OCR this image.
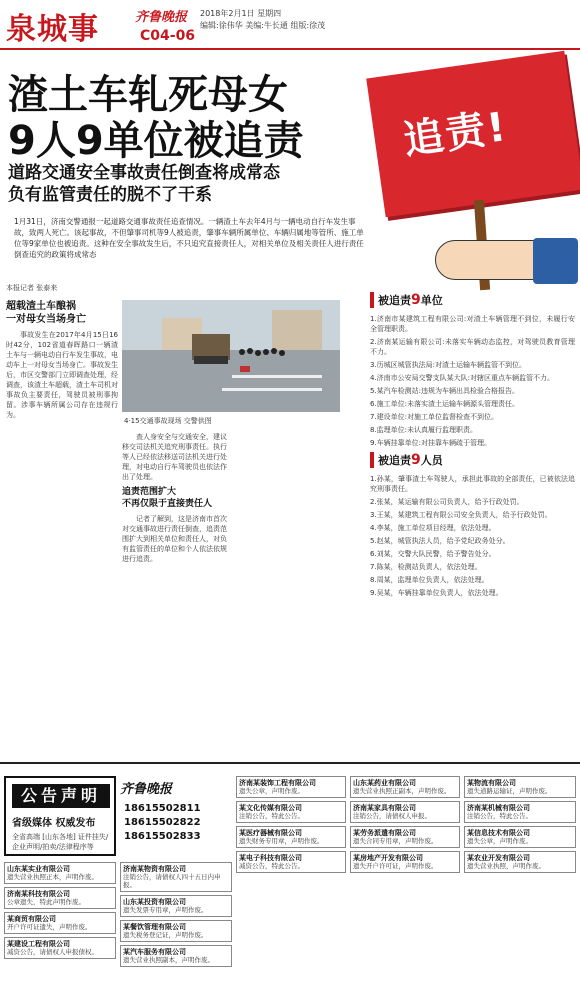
泉城事	齐鲁晚报 2018年2月1日 星期四
编辑:徐伟华 美编:牛长通 组版:徐茂
C04-06
渣土车轧死母女
9人9单位被追责
道路交通安全事故责任倒查将成常态
负有监管责任的脱不了干系
1月31日，济南交警通报一起道路交通事故责任追查情况。一辆渣土车去年4月与一辆电动自行车发生事故，致两人死亡。该起事故，不但肇事司机等9人被追责，肇事车辆所属单位、车辆归属地等管所、施工单位等9家单位也被追责。这种在安全事故发生后，不只追究直接责任人，对相关单位及相关责任人进行责任倒查追究的政策将成常态
追责!
本报记者 张泰来
超载渣土车酿祸
一对母女当场身亡
事故发生在2017年4月15日16时42分，102省道春晖路口一辆渣土车与一辆电动自行车发生事故，电动车上一对母女当场身亡。事故发生后，市区交警部门立即调查处理，经调查，该渣土车超载，渣土车司机对事故负主要责任，驾驶员被刑事拘留。涉事车辆所属公司存在违规行为。
4·15交通事故现场 交警供图
查人身安全与交通安全，建议移交司法机关追究刑事责任。执行等人已经依法移送司法机关进行处理，对电动自行车驾驶员也依法作出了处理。
追责范围扩大
不再仅限于直接责任人
记者了解到，这是济南市首次对交通事故进行责任倒查，追责范围扩大到相关单位和责任人，对负有监管责任的单位和个人依法依规进行追责。
被追责9单位
1.济南市某建筑工程有限公司:对渣土车辆管理不到位，未履行安全管理职责。
2.济南某运输有限公司:未落实车辆动态监控，对驾驶员教育管理不力。
3.历城区城管执法局:对渣土运输车辆监管不到位。
4.济南市公安局交警支队某大队:对辖区重点车辆监管不力。
5.某汽车检测站:违规为车辆出具检验合格报告。
6.施工单位:未落实渣土运输车辆源头管理责任。
7.建设单位:对施工单位监督检查不到位。
8.监理单位:未认真履行监理职责。
9.车辆挂靠单位:对挂靠车辆疏于管理。
被追责9人员
1.孙某，肇事渣土车驾驶人，承担此事故的全部责任，已被依法追究刑事责任。
2.张某，某运输有限公司负责人，给予行政处罚。
3.王某，某建筑工程有限公司安全负责人，给予行政处罚。
4.李某，施工单位项目经理，依法处理。
5.赵某，城管执法人员，给予党纪政务处分。
6.刘某，交警大队民警，给予警告处分。
7.陈某，检测站负责人，依法处理。
8.周某，监理单位负责人，依法处理。
9.吴某，车辆挂靠单位负责人，依法处理。
公告声明
省级媒体 权威发布
全省高端 [山东各地] 证件挂失/企业声明/拍卖/法律程序等
齐鲁晚报
18615502811
18615502822
18615502833
山东某实业有限公司
遗失营业执照正本，声明作废。
济南某科技有限公司
公章遗失，特此声明作废。
某商贸有限公司
开户许可证遗失，声明作废。
某建设工程有限公司
减资公告，请债权人申报债权。
济南某物资有限公司
注销公告，请债权人四十五日内申报。
山东某投资有限公司
遗失发票专用章，声明作废。
某餐饮管理有限公司
遗失税务登记证，声明作废。
某汽车服务有限公司
遗失营业执照副本，声明作废。
济南某装饰工程有限公司
遗失公章，声明作废。
某文化传媒有限公司
注销公告，特此公告。
某医疗器械有限公司
遗失财务专用章，声明作废。
某电子科技有限公司
减资公告，特此公告。
山东某药业有限公司
遗失营业执照正副本，声明作废。
济南某家具有限公司
注销公告，请债权人申报。
某劳务派遣有限公司
遗失合同专用章，声明作废。
某房地产开发有限公司
遗失开户许可证，声明作废。
某物流有限公司
遗失道路运输证，声明作废。
济南某机械有限公司
注销公告，特此公告。
某信息技术有限公司
遗失公章，声明作废。
某农业开发有限公司
遗失营业执照，声明作废。
